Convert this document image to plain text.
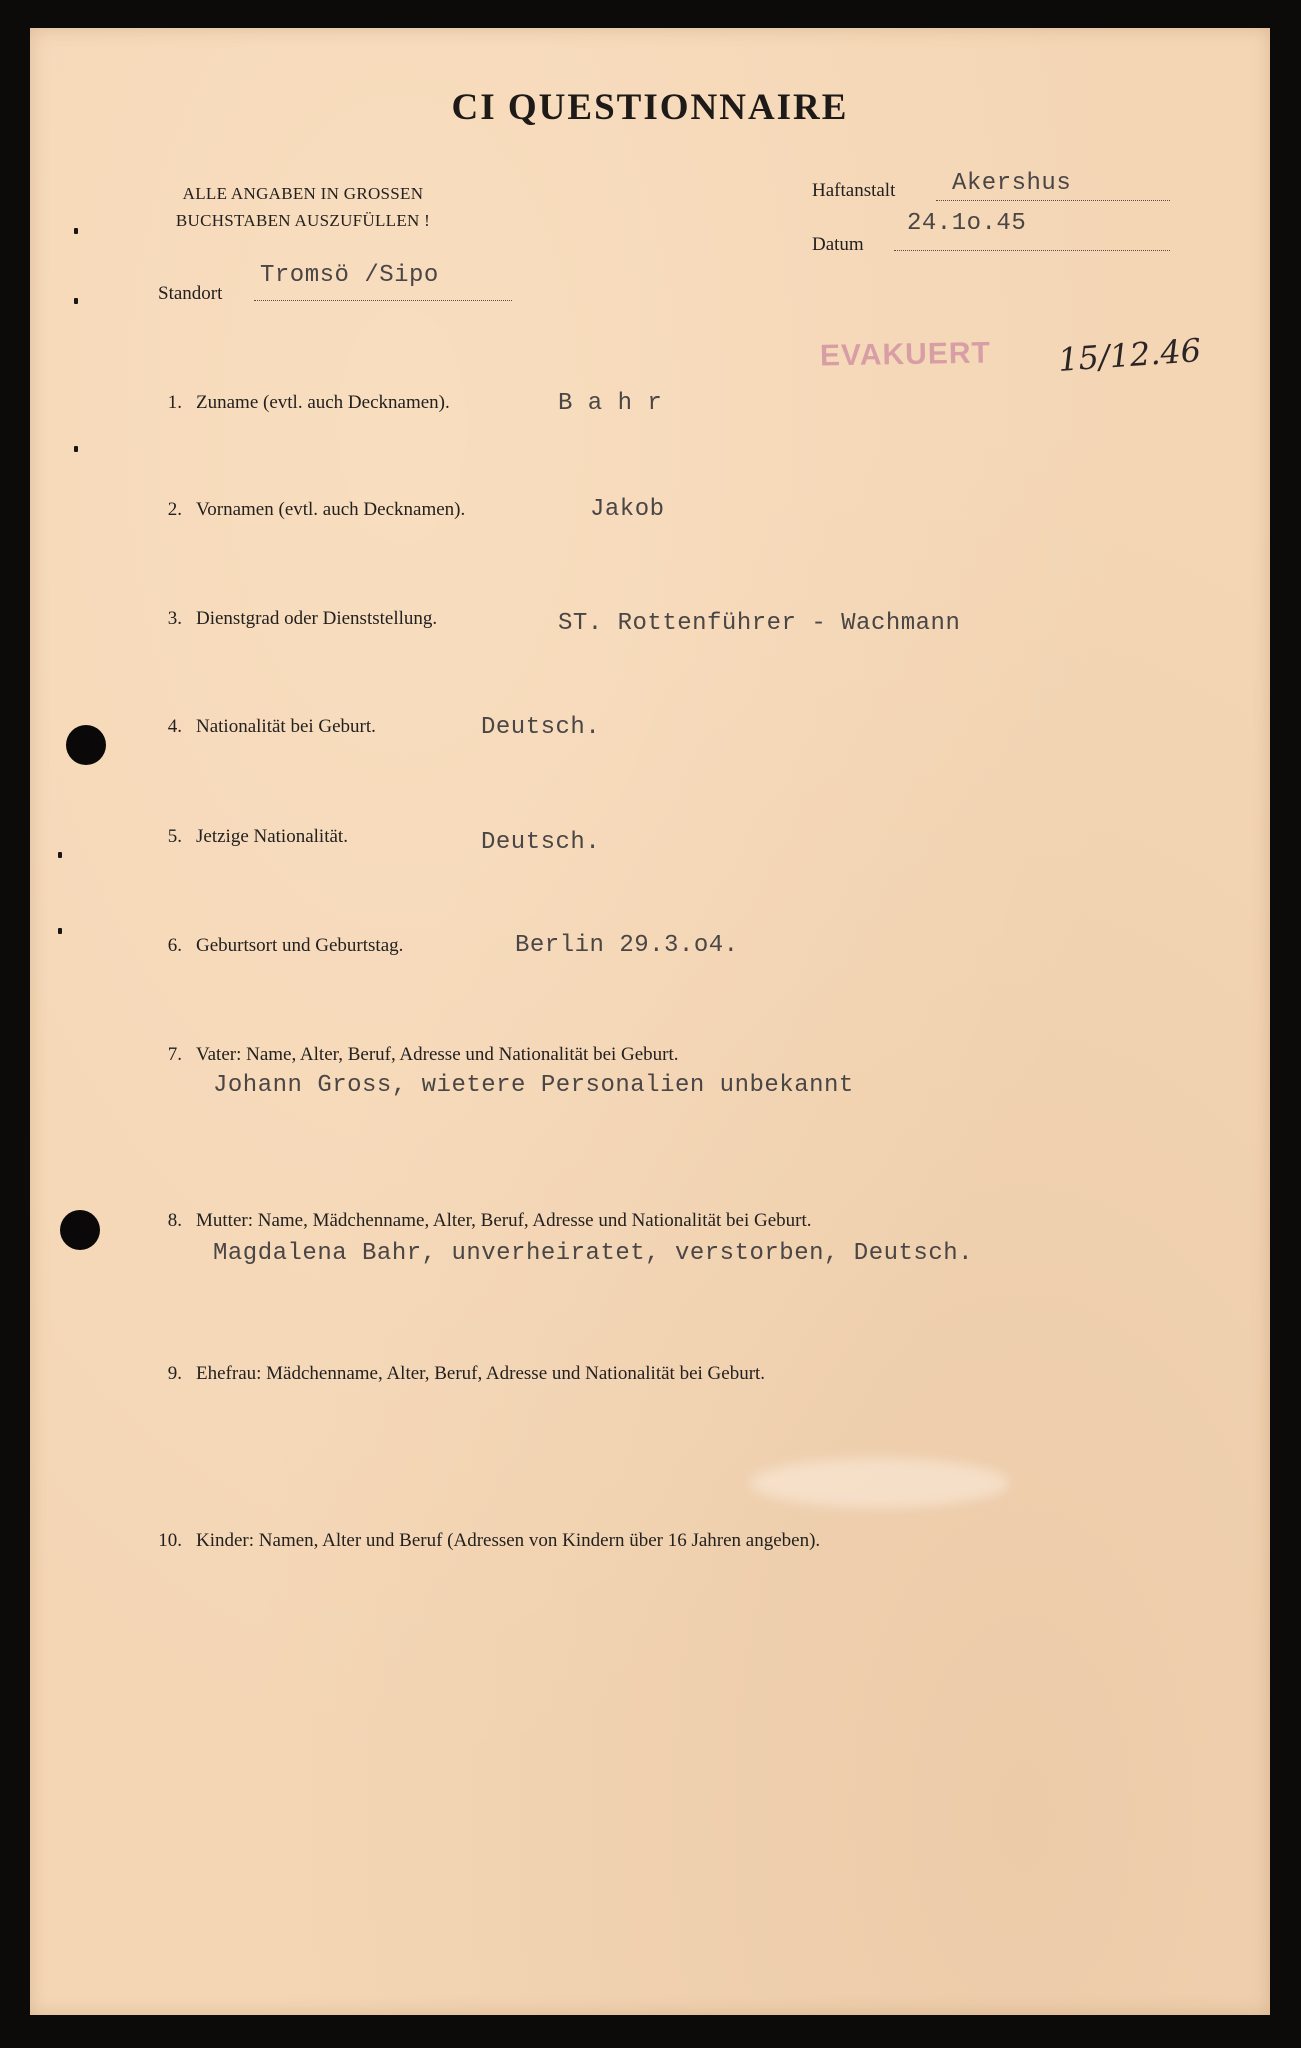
CI QUESTIONNAIRE
ALLE ANGABEN IN GROSSEN BUCHSTABEN AUSZUFÜLLEN !
Haftanstalt Akershus
Datum
24.1o.45
Standort
Tromsö /Sipo
EVAKUERT 15/12.46
1. Zuname (evtl. auch Decknamen).	B a h r
2. Vornamen (evtl. auch Decknamen).	Jakob
3. Dienstgrad oder Dienststellung.	ST. Rottenführer - Wachmann
4. Nationalität bei Geburt.	Deutsch.
5. Jetzige Nationalität.	Deutsch.
6. Geburtsort und Geburtstag.	Berlin 29.3.o4.
7. Vater: Name, Alter, Beruf, Adresse und Nationalität bei Geburt.
Johann Gross, wietere Personalien unbekannt
8. Mutter: Name, Mädchenname, Alter, Beruf, Adresse und Nationalität bei Geburt.
Magdalena Bahr, unverheiratet, verstorben, Deutsch.
9. Ehefrau: Mädchenname, Alter, Beruf, Adresse und Nationalität bei Geburt.
10. Kinder: Namen, Alter und Beruf (Adressen von Kindern über 16 Jahren angeben).
